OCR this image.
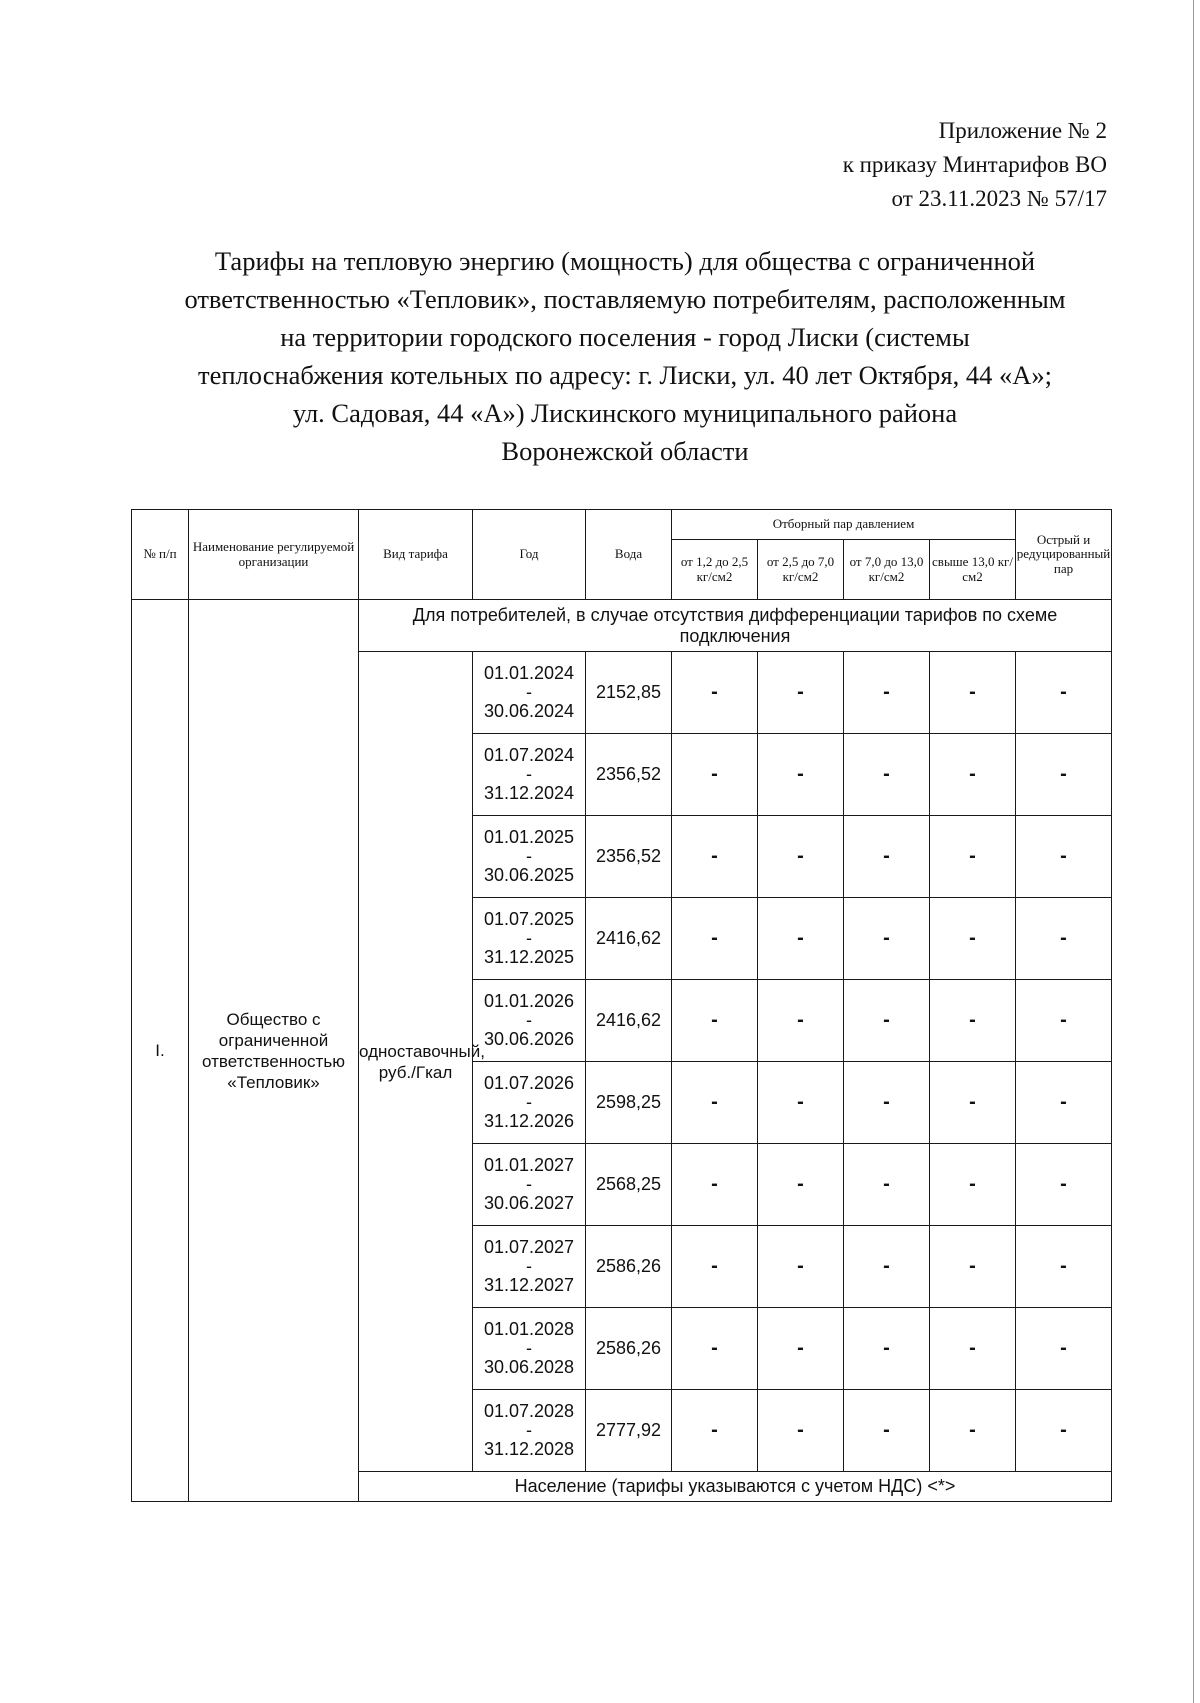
Приложение № 2
к приказу Минтарифов ВО
от 23.11.2023 № 57/17
Тарифы на тепловую энергию (мощность) для общества с ограниченной
ответственностью «Тепловик», поставляемую потребителям, расположенным
на территории городского поселения - город Лиски (системы
теплоснабжения котельных по адресу: г. Лиски, ул. 40 лет Октября, 44 «А»;
ул. Садовая, 44 «А») Лискинского муниципального района
Воронежской области
№ п/п	Наименование регулируемой организации	Вид тарифа	Год	Вода	Отборный пар давлением				Острый и редуцированный пар
					от 1,2 до 2,5 кг/см2	от 2,5 до 7,0 кг/см2	от 7,0 до 13,0 кг/см2	свыше 13,0 кг/см2	
I.	Общество с ограниченной ответственностью «Тепловик»	Для потребителей, в случае отсутствия дифференциации тарифов по схеме подключения							
		одноставочный, руб./Гкал	01.01.2024
-
30.06.2024	2152,85	-	-	-	-	-

			01.07.2024
-
31.12.2024	2356,52	-	-	-	-	-

			01.01.2025
-
30.06.2025	2356,52	-	-	-	-	-

			01.07.2025
-
31.12.2025	2416,62	-	-	-	-	-

			01.01.2026
-
30.06.2026	2416,62	-	-	-	-	-

			01.07.2026
-
31.12.2026	2598,25	-	-	-	-	-

			01.01.2027
-
30.06.2027	2568,25	-	-	-	-	-

			01.07.2027
-
31.12.2027	2586,26	-	-	-	-	-

			01.01.2028
-
30.06.2028	2586,26	-	-	-	-	-

			01.07.2028
-
31.12.2028	2777,92	-	-	-	-	-
		Население (тарифы указываются с учетом НДС) <*>							
